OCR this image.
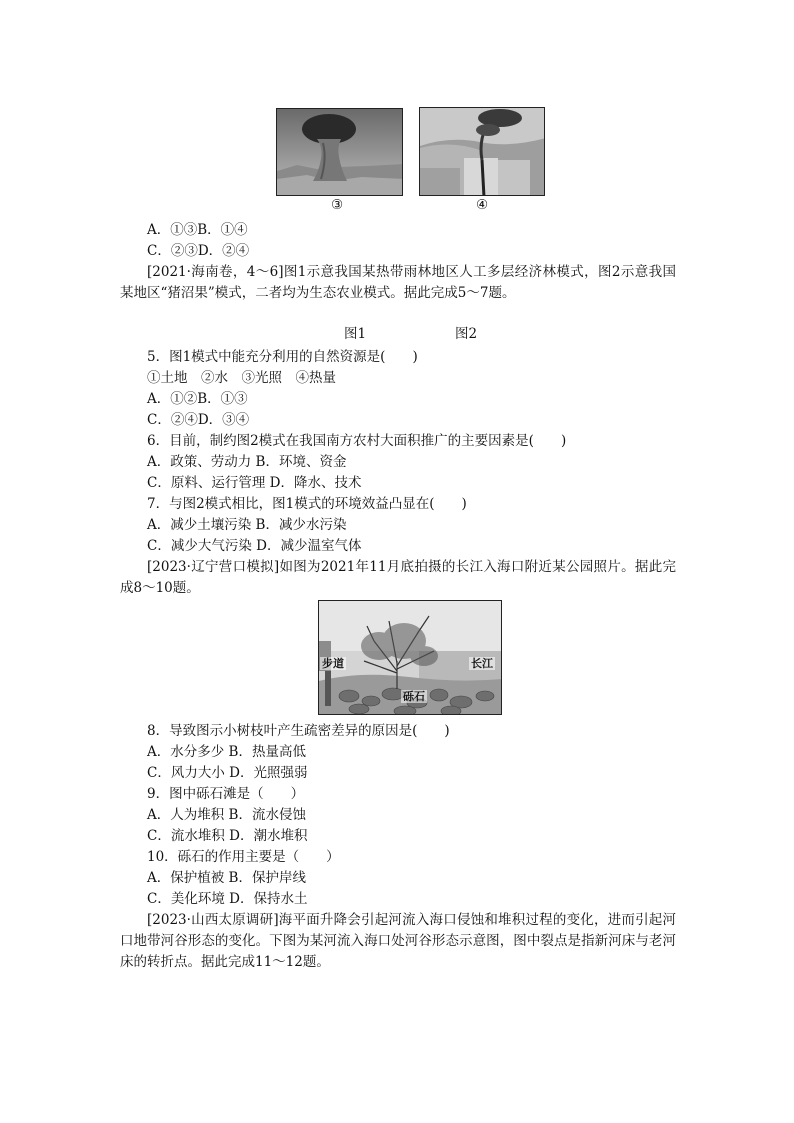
③	④
A．①③B．①④
C．②③D．②④
[2021·海南卷，4～6]图1示意我国某热带雨林地区人工多层经济林模式，图2示意我国某地区“猪沼果”模式，二者均为生态农业模式。据此完成5～7题。
图1	图2
5．图1模式中能充分利用的自然资源是(　　)
①土地　②水　③光照　④热量
A．①②B．①③
C．②④D．③④
6．目前，制约图2模式在我国南方农村大面积推广的主要因素是(　　)
A．政策、劳动力 B．环境、资金
C．原料、运行管理 D．降水、技术
7．与图2模式相比，图1模式的环境效益凸显在(　　)
A．减少土壤污染 B．减少水污染
C．减少大气污染 D．减少温室气体
[2023·辽宁营口模拟]如图为2021年11月底拍摄的长江入海口附近某公园照片。据此完成8～10题。
步道	长江
砾石
8．导致图示小树枝叶产生疏密差异的原因是(　　)
A．水分多少 B．热量高低
C．风力大小 D．光照强弱
9．图中砾石滩是（　　）
A．人为堆积 B．流水侵蚀
C．流水堆积 D．潮水堆积
10．砾石的作用主要是（　　）
A．保护植被 B．保护岸线
C．美化环境 D．保持水土
[2023·山西太原调研]海平面升降会引起河流入海口侵蚀和堆积过程的变化，进而引起河口地带河谷形态的变化。下图为某河流入海口处河谷形态示意图，图中裂点是指新河床与老河床的转折点。据此完成11～12题。
